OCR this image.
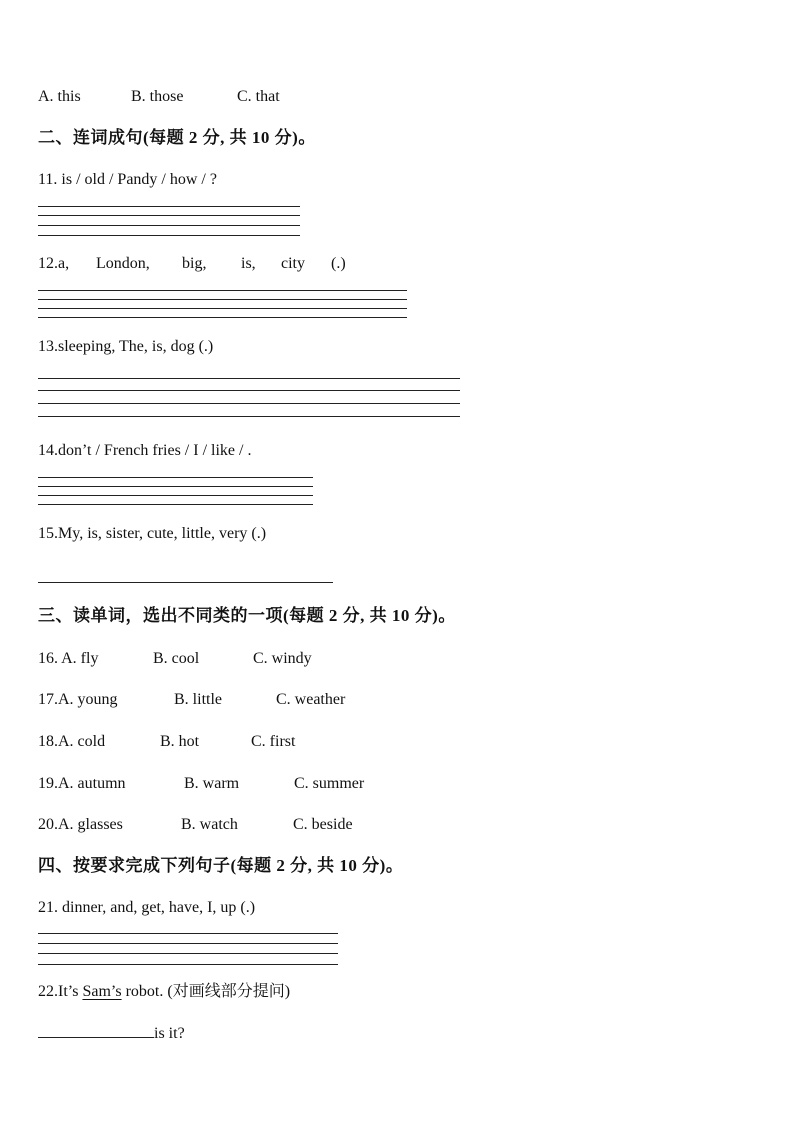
A. this	B. those	C. that
二、连词成句(每题 2 分, 共 10 分)。
11. is / old / Pandy / how / ?
12.a, London, big, is, city (.)
13.sleeping, The, is, dog (.)
14.don’t / French fries / I / like / .
15.My, is, sister, cute, little, very (.)
三、读单词，选出不同类的一项(每题 2 分, 共 10 分)。
16. A. fly	B. cool	C. windy
17.A. young	B. little	C. weather
18.A. cold	B. hot	C. first
19.A. autumn	B. warm	C. summer
20.A. glasses	B. watch	C. beside
四、按要求完成下列句子(每题 2 分, 共 10 分)。
21. dinner, and, get, have, I, up (.)
22.It’s Sam’s robot. (对画线部分提问)
is it?
